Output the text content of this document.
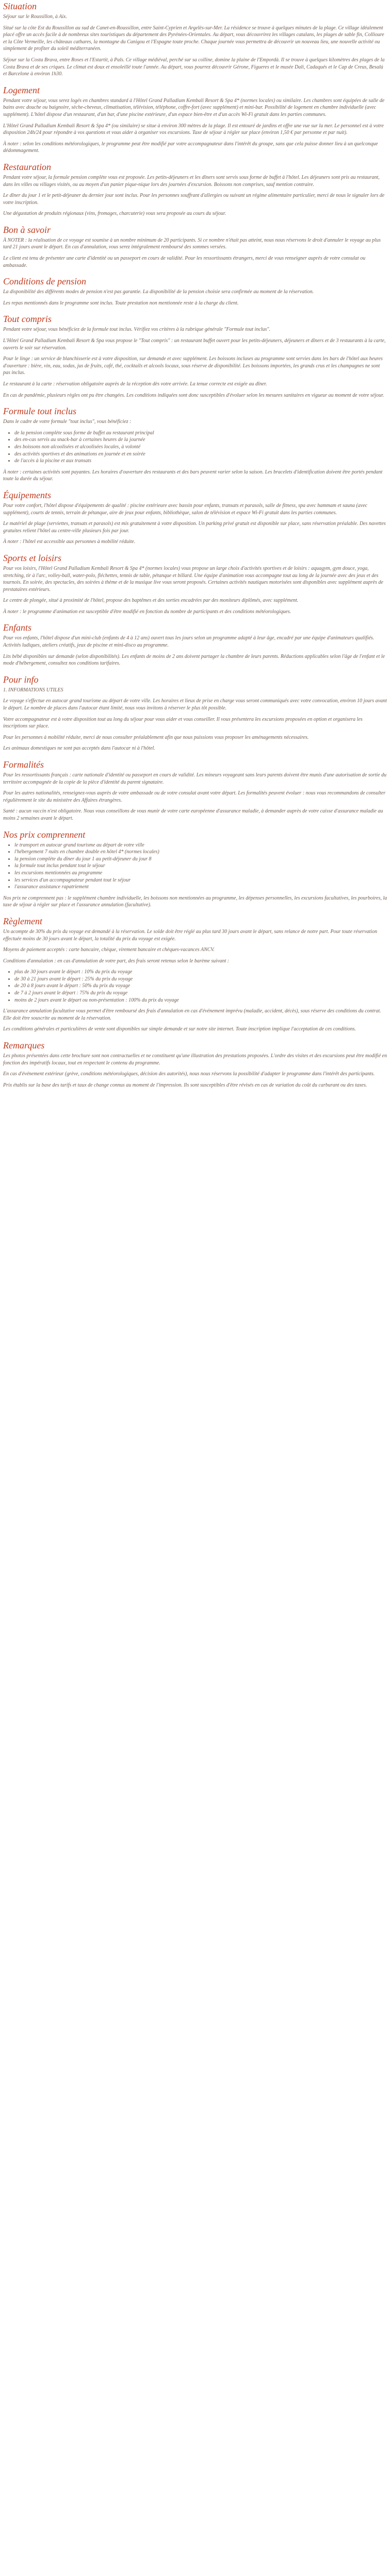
Situation

Séjour sur le Roussillon, à Aix.

Situé sur la côte Est du Roussillon au sud de Canet-en-Roussillon, entre Saint-Cyprien et Argelès-sur-Mer. La résidence se trouve à quelques minutes de la plage. Ce village idéalement placé offre un accès facile à de nombreux sites touristiques du département des Pyrénées-Orientales. Au départ, vous découvrirez les villages catalans, les plages de sable fin, Collioure et la Côte Vermeille, les châteaux cathares, la montagne du Canigou et l'Espagne toute proche. Chaque journée vous permettra de découvrir un nouveau lieu, une nouvelle activité ou simplement de profiter du soleil méditerranéen.

Séjour sur la Costa Brava, entre Roses et l'Estartit, à Pals. Ce village médiéval, perché sur sa colline, domine la plaine de l'Empordà. Il se trouve à quelques kilomètres des plages de la Costa Brava et de ses criques. Le climat est doux et ensoleillé toute l'année. Au départ, vous pourrez découvrir Gérone, Figueres et le musée Dalí, Cadaqués et le Cap de Creus, Besalú et Barcelone à environ 1h30.

Logement

Pendant votre séjour, vous serez logés en chambres standard à l'Hôtel Grand Palladium Kembali Resort & Spa 4* (normes locales) ou similaire. Les chambres sont équipées de salle de bains avec douche ou baignoire, sèche-cheveux, climatisation, télévision, téléphone, coffre-fort (avec supplément) et mini-bar. Possibilité de logement en chambre individuelle (avec supplément). L'hôtel dispose d'un restaurant, d'un bar, d'une piscine extérieure, d'un espace bien-être et d'un accès Wi-Fi gratuit dans les parties communes.

L'Hôtel Grand Palladium Kembali Resort & Spa 4* (ou similaire) se situe à environ 300 mètres de la plage. Il est entouré de jardins et offre une vue sur la mer. Le personnel est à votre disposition 24h/24 pour répondre à vos questions et vous aider à organiser vos excursions. Taxe de séjour à régler sur place (environ 1,50 € par personne et par nuit).

À noter : selon les conditions météorologiques, le programme peut être modifié par votre accompagnateur dans l'intérêt du groupe, sans que cela puisse donner lieu à un quelconque dédommagement.

Restauration

Pendant votre séjour, la formule pension complète vous est proposée. Les petits-déjeuners et les dîners sont servis sous forme de buffet à l'hôtel. Les déjeuners sont pris au restaurant, dans les villes ou villages visités, ou au moyen d'un panier pique-nique lors des journées d'excursion. Boissons non comprises, sauf mention contraire.

Le dîner du jour 1 et le petit-déjeuner du dernier jour sont inclus. Pour les personnes souffrant d'allergies ou suivant un régime alimentaire particulier, merci de nous le signaler lors de votre inscription.

Une dégustation de produits régionaux (vins, fromages, charcuterie) vous sera proposée au cours du séjour.

Bon à savoir

À NOTER : la réalisation de ce voyage est soumise à un nombre minimum de 20 participants. Si ce nombre n'était pas atteint, nous nous réservons le droit d'annuler le voyage au plus tard 21 jours avant le départ. En cas d'annulation, vous serez intégralement remboursé des sommes versées.

Le client est tenu de présenter une carte d'identité ou un passeport en cours de validité. Pour les ressortissants étrangers, merci de vous renseigner auprès de votre consulat ou ambassade.

Conditions de pension

La disponibilité des différents modes de pension n'est pas garantie. La disponibilité de la pension choisie sera confirmée au moment de la réservation.

Les repas mentionnés dans le programme sont inclus. Toute prestation non mentionnée reste à la charge du client.

Tout compris

Pendant votre séjour, vous bénéficiez de la formule tout inclus. Vérifiez vos critères à la rubrique générale "Formule tout inclus".

L'Hôtel Grand Palladium Kembali Resort & Spa vous propose le "Tout compris" : un restaurant buffet ouvert pour les petits-déjeuners, déjeuners et dîners et de 3 restaurants à la carte, ouverts le soir sur réservation.

Pour le linge : un service de blanchisserie est à votre disposition, sur demande et avec supplément. Les boissons incluses au programme sont servies dans les bars de l'hôtel aux heures d'ouverture : bière, vin, eau, sodas, jus de fruits, café, thé, cocktails et alcools locaux, sous réserve de disponibilité. Les boissons importées, les grands crus et les champagnes ne sont pas inclus.

Le restaurant à la carte : réservation obligatoire auprès de la réception dès votre arrivée. La tenue correcte est exigée au dîner.

En cas de pandémie, plusieurs règles ont pu être changées. Les conditions indiquées sont donc susceptibles d'évoluer selon les mesures sanitaires en vigueur au moment de votre séjour.

Formule tout inclus

Dans le cadre de votre formule "tout inclus", vous bénéficiez :

• de la pension complète sous forme de buffet au restaurant principal
• des en-cas servis au snack-bar à certaines heures de la journée
• des boissons non alcoolisées et alcoolisées locales, à volonté
• des activités sportives et des animations en journée et en soirée
• de l'accès à la piscine et aux transats

À noter : certaines activités sont payantes. Les horaires d'ouverture des restaurants et des bars peuvent varier selon la saison. Les bracelets d'identification doivent être portés pendant toute la durée du séjour.

Équipements

Pour votre confort, l'hôtel dispose d'équipements de qualité : piscine extérieure avec bassin pour enfants, transats et parasols, salle de fitness, spa avec hammam et sauna (avec supplément), courts de tennis, terrain de pétanque, aire de jeux pour enfants, bibliothèque, salon de télévision et espace Wi-Fi gratuit dans les parties communes.

Le matériel de plage (serviettes, transats et parasols) est mis gratuitement à votre disposition. Un parking privé gratuit est disponible sur place, sans réservation préalable. Des navettes gratuites relient l'hôtel au centre-ville plusieurs fois par jour.

À noter : l'hôtel est accessible aux personnes à mobilité réduite.

Sports et loisirs

Pour vos loisirs, l'Hôtel Grand Palladium Kembali Resort & Spa 4* (normes locales) vous propose un large choix d'activités sportives et de loisirs : aquagym, gym douce, yoga, stretching, tir à l'arc, volley-ball, water-polo, fléchettes, tennis de table, pétanque et billard. Une équipe d'animation vous accompagne tout au long de la journée avec des jeux et des tournois. En soirée, des spectacles, des soirées à thème et de la musique live vous seront proposés. Certaines activités nautiques motorisées sont disponibles avec supplément auprès de prestataires extérieurs.

Le centre de plongée, situé à proximité de l'hôtel, propose des baptêmes et des sorties encadrées par des moniteurs diplômés, avec supplément.

À noter : le programme d'animation est susceptible d'être modifié en fonction du nombre de participants et des conditions météorologiques.

Enfants

Pour vos enfants, l'hôtel dispose d'un mini-club (enfants de 4 à 12 ans) ouvert tous les jours selon un programme adapté à leur âge, encadré par une équipe d'animateurs qualifiés. Activités ludiques, ateliers créatifs, jeux de piscine et mini-disco au programme.

Lits bébé disponibles sur demande (selon disponibilités). Les enfants de moins de 2 ans doivent partager la chambre de leurs parents. Réductions applicables selon l'âge de l'enfant et le mode d'hébergement, consultez nos conditions tarifaires.

Pour info

1. INFORMATIONS UTILES

Le voyage s'effectue en autocar grand tourisme au départ de votre ville. Les horaires et lieux de prise en charge vous seront communiqués avec votre convocation, environ 10 jours avant le départ. Le nombre de places dans l'autocar étant limité, nous vous invitons à réserver le plus tôt possible.

Votre accompagnateur est à votre disposition tout au long du séjour pour vous aider et vous conseiller. Il vous présentera les excursions proposées en option et organisera les inscriptions sur place.

Pour les personnes à mobilité réduite, merci de nous consulter préalablement afin que nous puissions vous proposer les aménagements nécessaires.

Les animaux domestiques ne sont pas acceptés dans l'autocar ni à l'hôtel.

Formalités

Pour les ressortissants français : carte nationale d'identité ou passeport en cours de validité. Les mineurs voyageant sans leurs parents doivent être munis d'une autorisation de sortie du territoire accompagnée de la copie de la pièce d'identité du parent signataire.

Pour les autres nationalités, renseignez-vous auprès de votre ambassade ou de votre consulat avant votre départ. Les formalités peuvent évoluer : nous vous recommandons de consulter régulièrement le site du ministère des Affaires étrangères.

Santé : aucun vaccin n'est obligatoire. Nous vous conseillons de vous munir de votre carte européenne d'assurance maladie, à demander auprès de votre caisse d'assurance maladie au moins 2 semaines avant le départ.

Nos prix comprennent
• le transport en autocar grand tourisme au départ de votre ville
• l'hébergement 7 nuits en chambre double en hôtel 4* (normes locales)
• la pension complète du dîner du jour 1 au petit-déjeuner du jour 8
• la formule tout inclus pendant tout le séjour
• les excursions mentionnées au programme
• les services d'un accompagnateur pendant tout le séjour
• l'assurance assistance rapatriement

Nos prix ne comprennent pas : le supplément chambre individuelle, les boissons non mentionnées au programme, les dépenses personnelles, les excursions facultatives, les pourboires, la taxe de séjour à régler sur place et l'assurance annulation (facultative).

Règlement

Un acompte de 30% du prix du voyage est demandé à la réservation. Le solde doit être réglé au plus tard 30 jours avant le départ, sans relance de notre part. Pour toute réservation effectuée moins de 30 jours avant le départ, la totalité du prix du voyage est exigée.

Moyens de paiement acceptés : carte bancaire, chèque, virement bancaire et chèques-vacances ANCV.

Conditions d'annulation : en cas d'annulation de votre part, des frais seront retenus selon le barème suivant :

• plus de 30 jours avant le départ : 10% du prix du voyage
• de 30 à 21 jours avant le départ : 25% du prix du voyage
• de 20 à 8 jours avant le départ : 50% du prix du voyage
• de 7 à 2 jours avant le départ : 75% du prix du voyage
• moins de 2 jours avant le départ ou non-présentation : 100% du prix du voyage

L'assurance annulation facultative vous permet d'être remboursé des frais d'annulation en cas d'événement imprévu (maladie, accident, décès), sous réserve des conditions du contrat. Elle doit être souscrite au moment de la réservation.

Les conditions générales et particulières de vente sont disponibles sur simple demande et sur notre site internet. Toute inscription implique l'acceptation de ces conditions.

Remarques

Les photos présentées dans cette brochure sont non contractuelles et ne constituent qu'une illustration des prestations proposées. L'ordre des visites et des excursions peut être modifié en fonction des impératifs locaux, tout en respectant le contenu du programme.

En cas d'événement extérieur (grève, conditions météorologiques, décision des autorités), nous nous réservons la possibilité d'adapter le programme dans l'intérêt des participants.

Prix établis sur la base des tarifs et taux de change connus au moment de l'impression. Ils sont susceptibles d'être révisés en cas de variation du coût du carburant ou des taxes.
